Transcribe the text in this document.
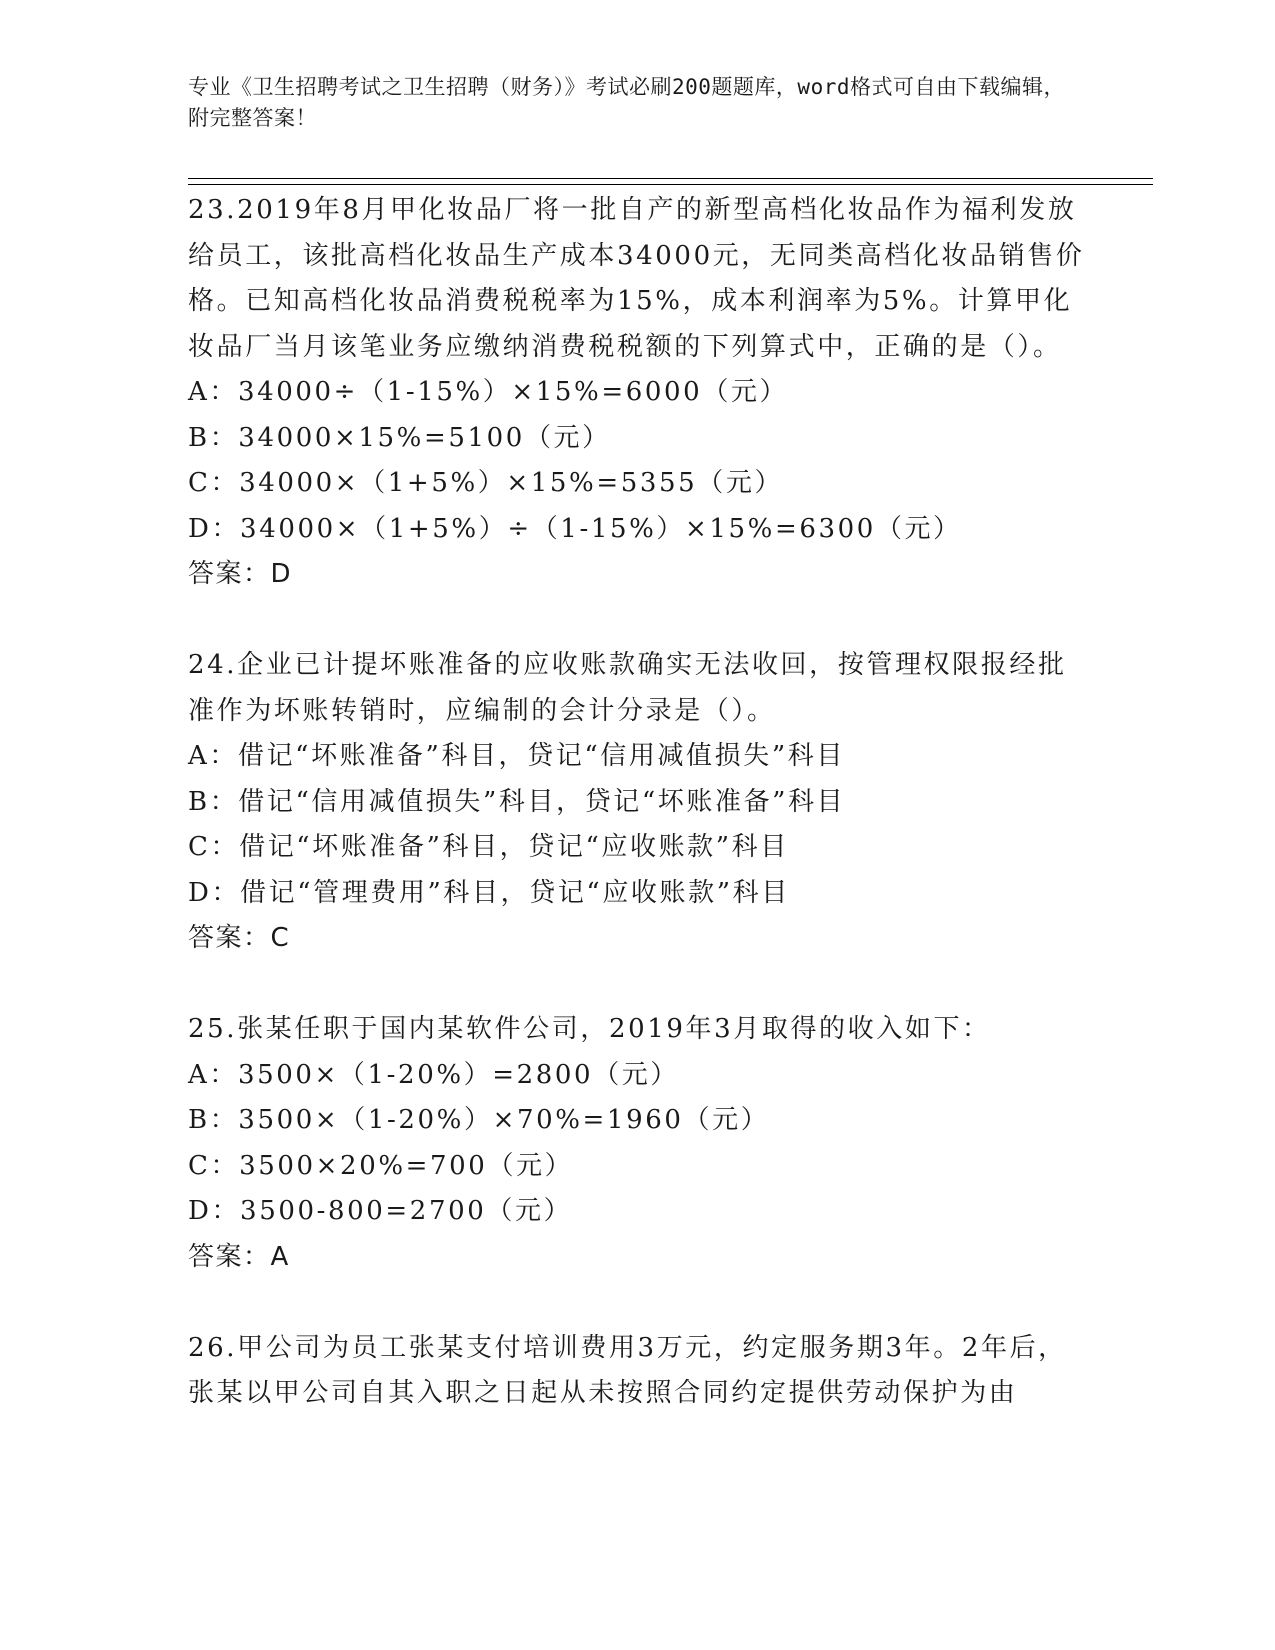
专业《卫生招聘考试之卫生招聘（财务）》考试必刷200题题库，word格式可自由下载编辑，附完整答案！

23.2019年8月甲化妆品厂将一批自产的新型高档化妆品作为福利发放给员工，该批高档化妆品生产成本34000元，无同类高档化妆品销售价格。已知高档化妆品消费税税率为15%，成本利润率为5%。计算甲化妆品厂当月该笔业务应缴纳消费税税额的下列算式中，正确的是（）。

A：34000÷（1-15%）×15%=6000（元）

B：34000×15%=5100（元）

C：34000×（1+5%）×15%=5355（元）

D：34000×（1+5%）÷（1-15%）×15%=6300（元）

答案：D

24.企业已计提坏账准备的应收账款确实无法收回，按管理权限报经批准作为坏账转销时，应编制的会计分录是（）。

A：借记“坏账准备”科目，贷记“信用减值损失”科目

B：借记“信用减值损失”科目，贷记“坏账准备”科目

C：借记“坏账准备”科目，贷记“应收账款”科目

D：借记“管理费用”科目，贷记“应收账款”科目

答案：C

25.张某任职于国内某软件公司，2019年3月取得的收入如下：

A：3500×（1-20%）=2800（元）

B：3500×（1-20%）×70%=1960（元）

C：3500×20%=700（元）

D：3500-800=2700（元）

答案：A

26.甲公司为员工张某支付培训费用3万元，约定服务期3年。2年后，张某以甲公司自其入职之日起从未按照合同约定提供劳动保护为由
